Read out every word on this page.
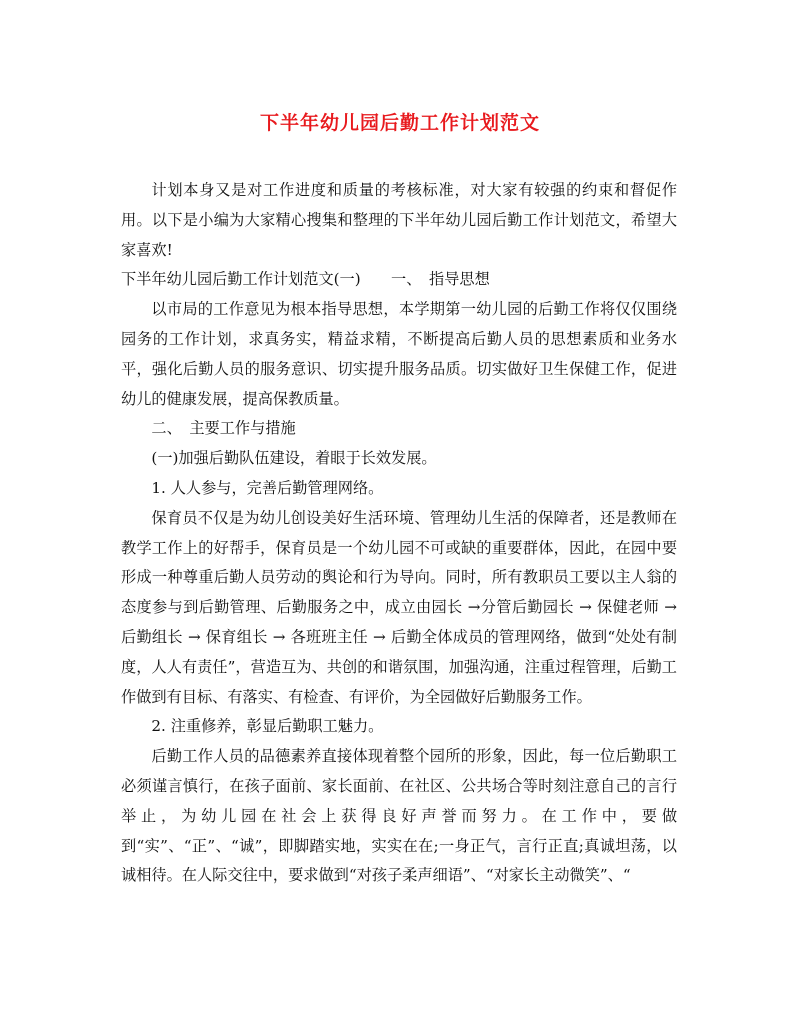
下半年幼儿园后勤工作计划范文

计划本身又是对工作进度和质量的考核标准，对大家有较强的约束和督促作用。以下是小编为大家精心搜集和整理的下半年幼儿园后勤工作计划范文，希望大家喜欢!

下半年幼儿园后勤工作计划范文(一)　　一、　指导思想

以市局的工作意见为根本指导思想，本学期第一幼儿园的后勤工作将仅仅围绕园务的工作计划，求真务实，精益求精，不断提高后勤人员的思想素质和业务水平，强化后勤人员的服务意识、切实提升服务品质。切实做好卫生保健工作，促进幼儿的健康发展，提高保教质量。

二、　主要工作与措施

(一)加强后勤队伍建设，着眼于长效发展。

1. 人人参与，完善后勤管理网络。

保育员不仅是为幼儿创设美好生活环境、管理幼儿生活的保障者，还是教师在教学工作上的好帮手，保育员是一个幼儿园不可或缺的重要群体，因此，在园中要形成一种尊重后勤人员劳动的舆论和行为导向。同时，所有教职员工要以主人翁的态度参与到后勤管理、后勤服务之中，成立由园长 →分管后勤园长 → 保健老师 → 后勤组长 → 保育组长 → 各班班主任 → 后勤全体成员的管理网络，做到“处处有制度，人人有责任”，营造互为、共创的和谐氛围，加强沟通，注重过程管理，后勤工作做到有目标、有落实、有检查、有评价，为全园做好后勤服务工作。

2. 注重修养，彰显后勤职工魅力。

后勤工作人员的品德素养直接体现着整个园所的形象，因此，每一位后勤职工必须谨言慎行，在孩子面前、家长面前、在社区、公共场合等时刻注意自己的言行举止，为幼儿园在社会上获得良好声誉而努力。在工作中，要做到“实”、“正”、“诚”，即脚踏实地，实实在在;一身正气，言行正直;真诚坦荡，以诚相待。在人际交往中，要求做到“对孩子柔声细语”、“对家长主动微笑”、“
